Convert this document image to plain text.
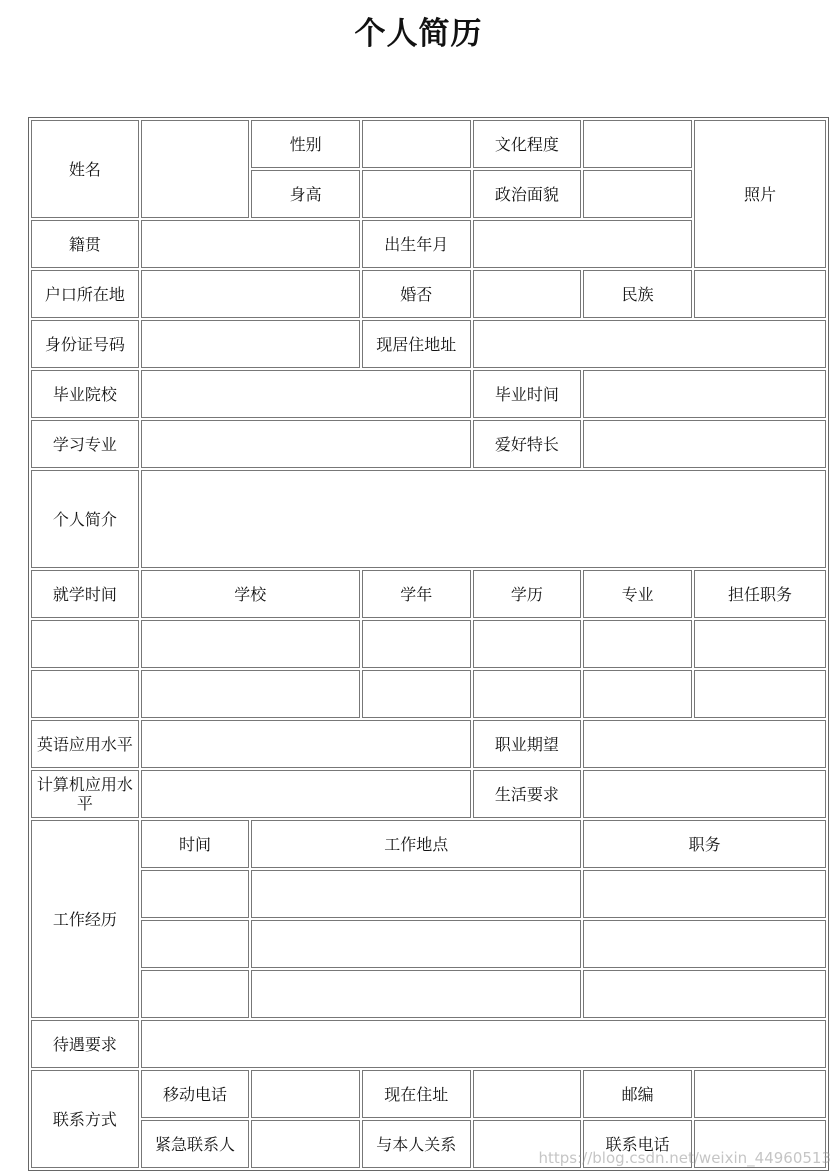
个人简历
姓名		性别		文化程度		照片
		身高		政治面貌		
籍贯			出生年月			
户口所在地			婚否		民族	
身份证号码			现居住地址			
毕业院校				毕业时间		
学习专业				爱好特长		
个人简介						
就学时间	学校		学年	学历	专业	担任职务

英语应用水平				职业期望		
计算机应用水平				生活要求		
工作经历	时间	工作地点			职务	

待遇要求						
联系方式	移动电话		现在住址		邮编	
	紧急联系人		与本人关系		联系电话	
https://blog.csdn.net/weixin_44960513
